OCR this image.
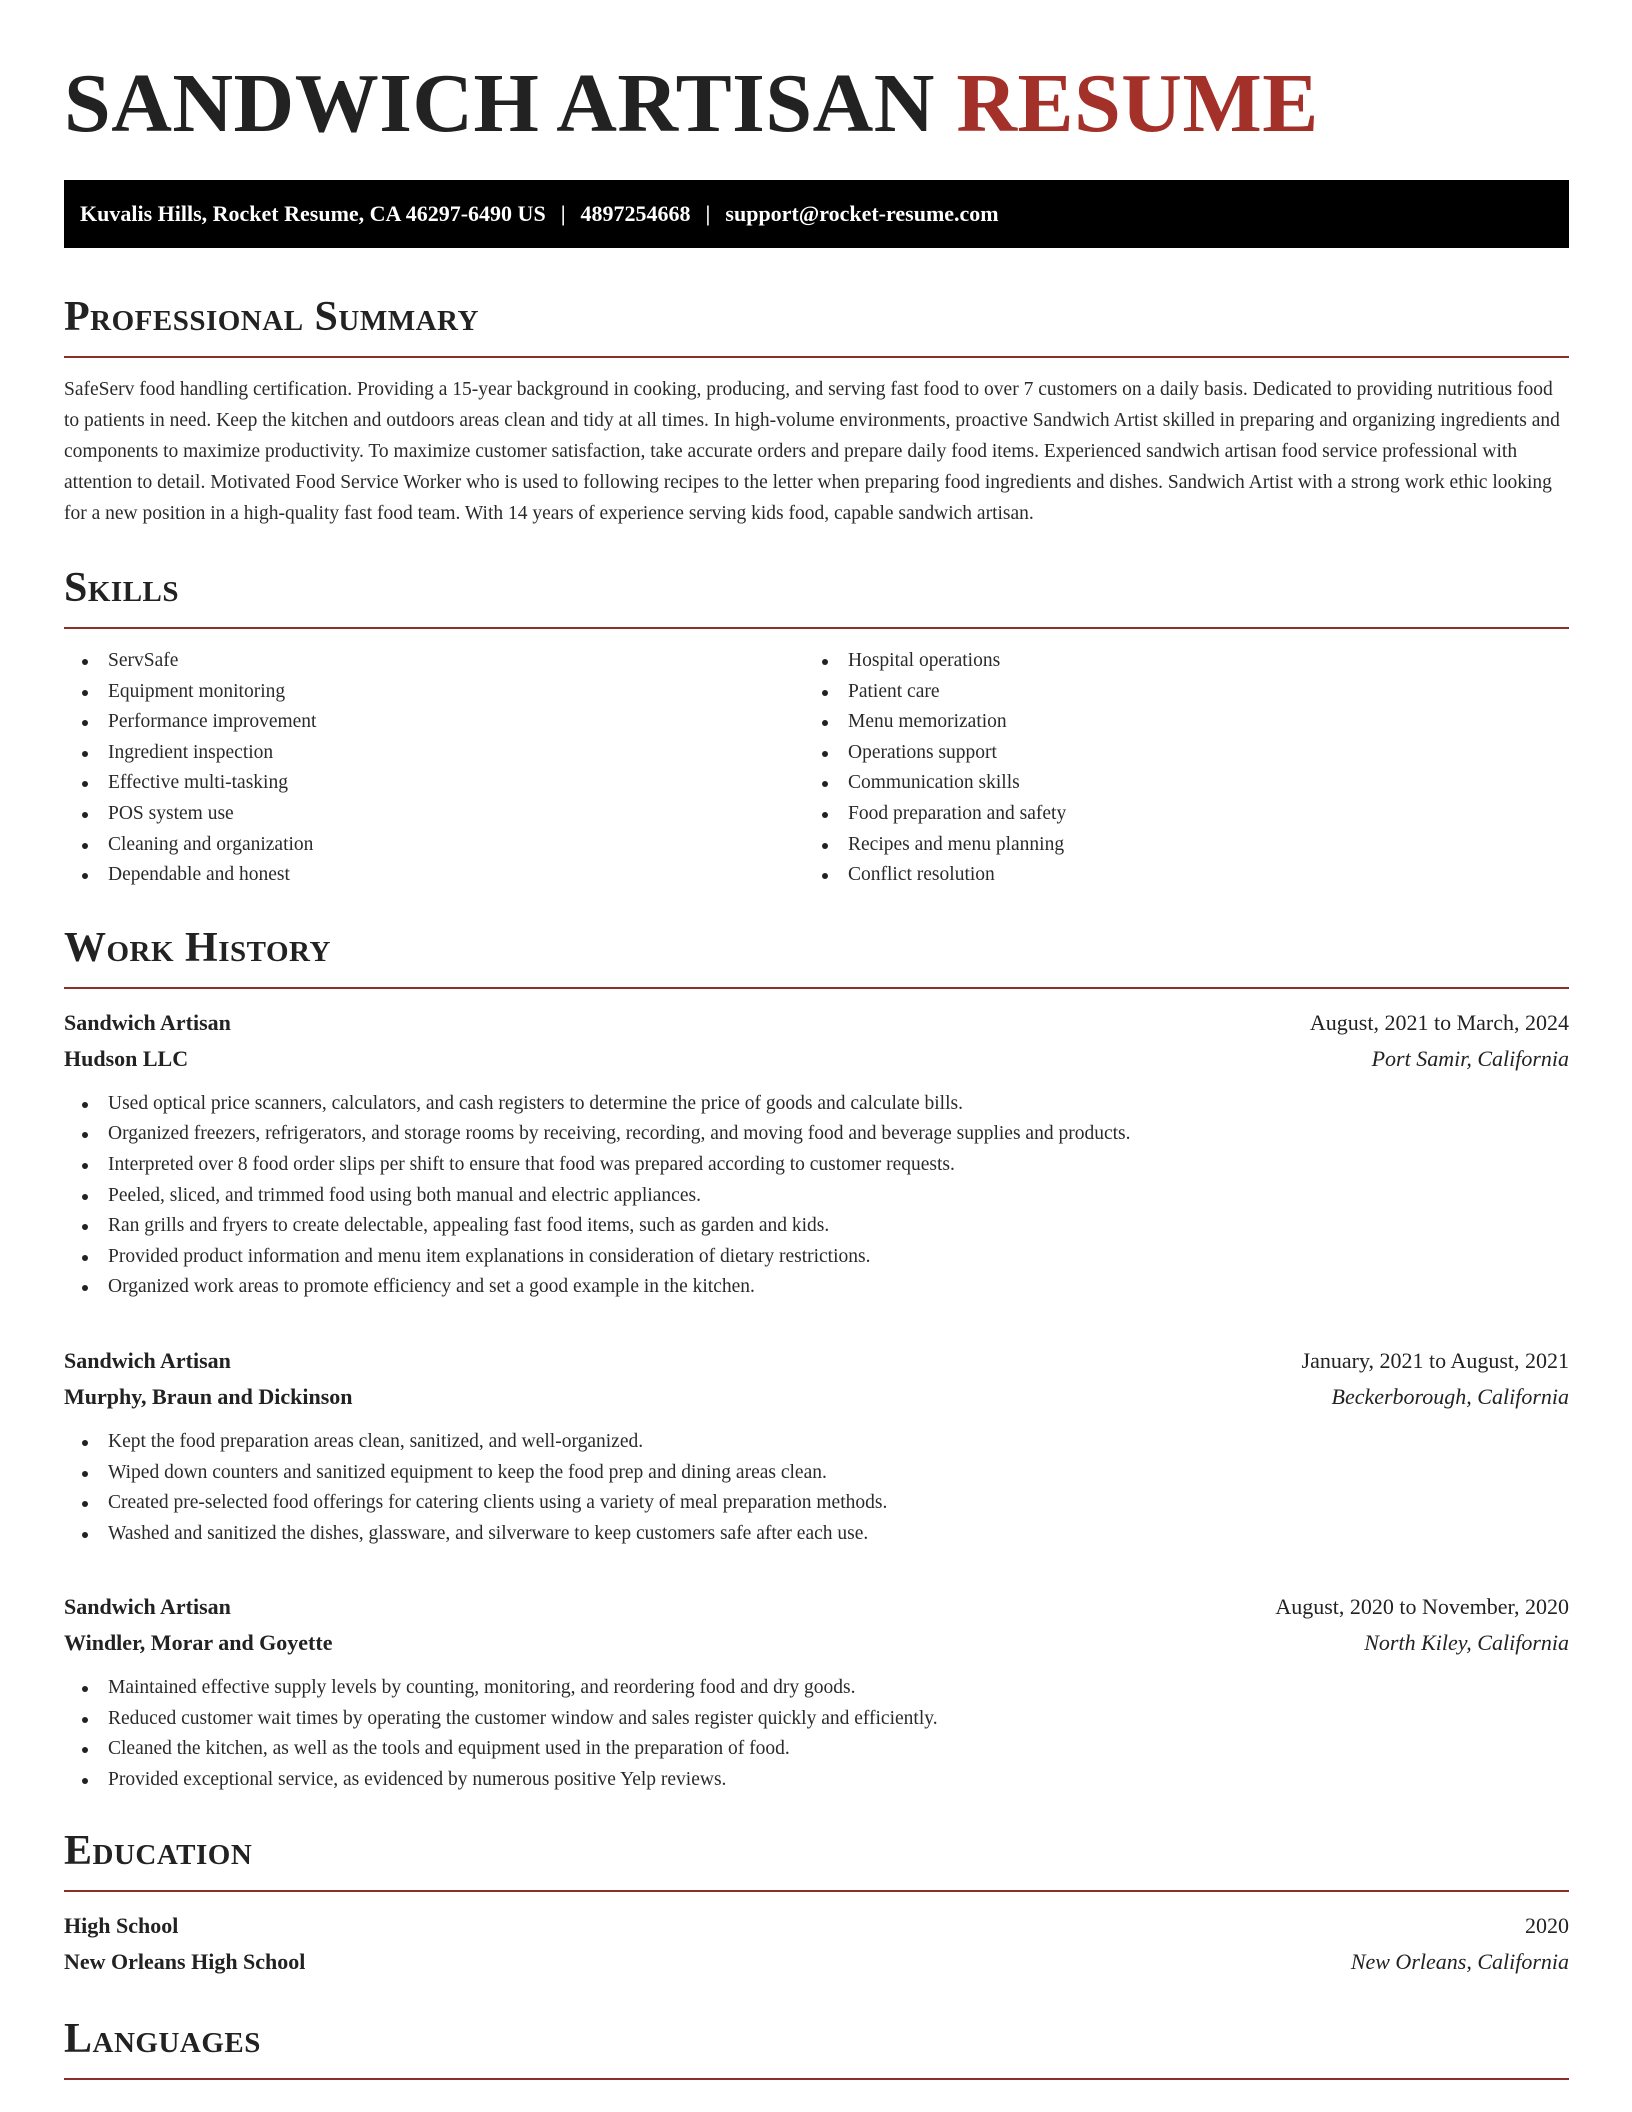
SANDWICH ARTISAN RESUME
Kuvalis Hills, Rocket Resume, CA 46297-6490 US | 4897254668 | support@rocket-resume.com
Professional Summary

SafeServ food handling certification. Providing a 15-year background in cooking, producing, and serving fast food to over 7 customers on a daily basis. Dedicated to providing nutritious food to patients in need. Keep the kitchen and outdoors areas clean and tidy at all times. In high-volume environments, proactive Sandwich Artist skilled in preparing and organizing ingredients and components to maximize productivity. To maximize customer satisfaction, take accurate orders and prepare daily food items. Experienced sandwich artisan food service professional with attention to detail. Motivated Food Service Worker who is used to following recipes to the letter when preparing food ingredients and dishes. Sandwich Artist with a strong work ethic looking for a new position in a high-quality fast food team. With 14 years of experience serving kids food, capable sandwich artisan.

Skills
ServSafe
Equipment monitoring
Performance improvement
Ingredient inspection
Effective multi-tasking
POS system use
Cleaning and organization
Dependable and honest
Hospital operations
Patient care
Menu memorization
Operations support
Communication skills
Food preparation and safety
Recipes and menu planning
Conflict resolution
Work History
Sandwich Artisan	August, 2021 to March, 2024
Hudson LLC	Port Samir, California
Used optical price scanners, calculators, and cash registers to determine the price of goods and calculate bills.
Organized freezers, refrigerators, and storage rooms by receiving, recording, and moving food and beverage supplies and products.
Interpreted over 8 food order slips per shift to ensure that food was prepared according to customer requests.
Peeled, sliced, and trimmed food using both manual and electric appliances.
Ran grills and fryers to create delectable, appealing fast food items, such as garden and kids.
Provided product information and menu item explanations in consideration of dietary restrictions.
Organized work areas to promote efficiency and set a good example in the kitchen.
Sandwich Artisan	January, 2021 to August, 2021
Murphy, Braun and Dickinson	Beckerborough, California
Kept the food preparation areas clean, sanitized, and well-organized.
Wiped down counters and sanitized equipment to keep the food prep and dining areas clean.
Created pre-selected food offerings for catering clients using a variety of meal preparation methods.
Washed and sanitized the dishes, glassware, and silverware to keep customers safe after each use.
Sandwich Artisan	August, 2020 to November, 2020
Windler, Morar and Goyette	North Kiley, California
Maintained effective supply levels by counting, monitoring, and reordering food and dry goods.
Reduced customer wait times by operating the customer window and sales register quickly and efficiently.
Cleaned the kitchen, as well as the tools and equipment used in the preparation of food.
Provided exceptional service, as evidenced by numerous positive Yelp reviews.
Education
High School	2020
New Orleans High School	New Orleans, California
Languages
